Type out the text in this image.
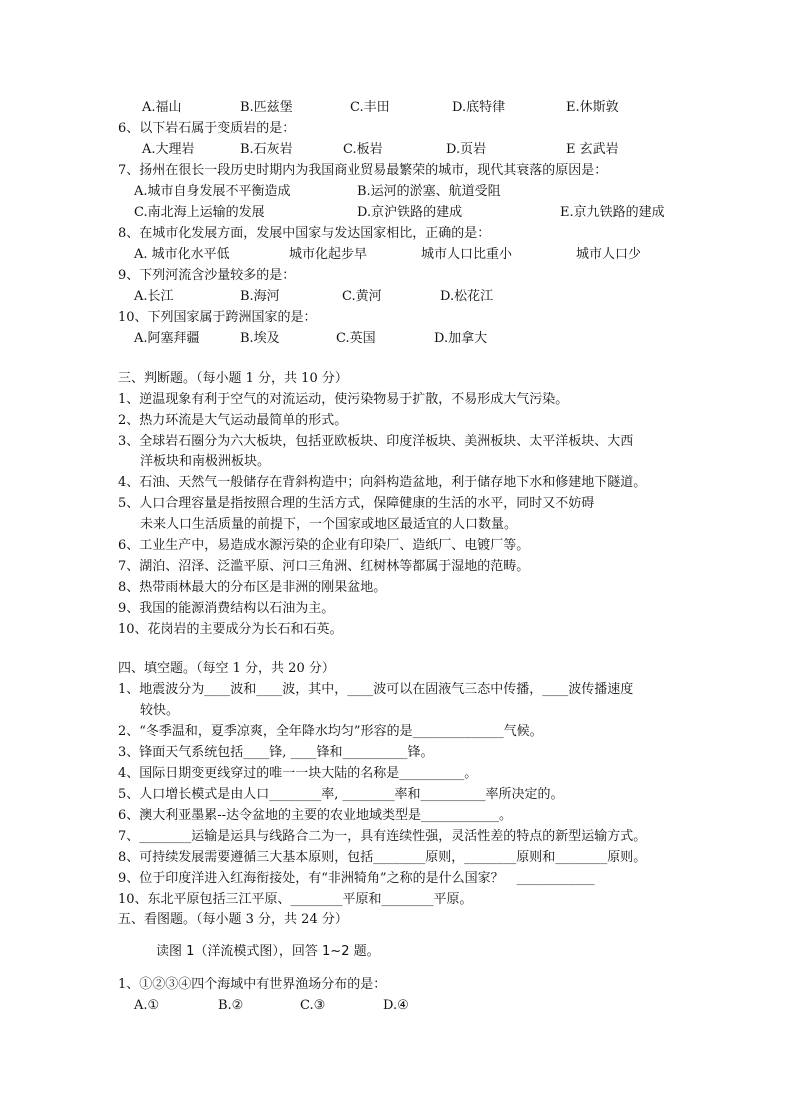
A.福山	B.匹兹堡	C.丰田	D.底特律	E.休斯敦
6、以下岩石属于变质岩的是：
A.大理岩	B.石灰岩	C.板岩	D.页岩	E 玄武岩
7、扬州在很长一段历史时期内为我国商业贸易最繁荣的城市，现代其衰落的原因是：
A.城市自身发展不平衡造成	B.运河的淤塞、航道受阻
C.南北海上运输的发展	D.京沪铁路的建成	E.京九铁路的建成
8、在城市化发展方面，发展中国家与发达国家相比，正确的是：
A. 城市化水平低	城市化起步早	城市人口比重小	城市人口少
9、下列河流含沙量较多的是：
A.长江	B.海河	C.黄河	D.松花江
10、下列国家属于跨洲国家的是：
A.阿塞拜疆	B.埃及	C.英国	D.加拿大
三、判断题。（每小题 1 分，共 10 分）
1、逆温现象有利于空气的对流运动，使污染物易于扩散，不易形成大气污染。
2、热力环流是大气运动最简单的形式。
3、全球岩石圈分为六大板块，包括亚欧板块、印度洋板块、美洲板块、太平洋板块、大西
洋板块和南极洲板块。
4、石油、天然气一般储存在背斜构造中；向斜构造盆地，利于储存地下水和修建地下隧道。
5、人口合理容量是指按照合理的生活方式，保障健康的生活的水平，同时又不妨碍
未来人口生活质量的前提下，一个国家或地区最适宜的人口数量。
6、工业生产中，易造成水源污染的企业有印染厂、造纸厂、电镀厂等。
7、湖泊、沼泽、泛滥平原、河口三角洲、红树林等都属于湿地的范畴。
8、热带雨林最大的分布区是非洲的刚果盆地。
9、我国的能源消费结构以石油为主。
10、花岗岩的主要成分为长石和石英。
四、填空题。（每空 1 分，共 20 分）
1、地震波分为____波和____波，其中，____波可以在固液气三态中传播，____波传播速度
较快。
2、“冬季温和，夏季凉爽，全年降水均匀”形容的是______________气候。
3、锋面天气系统包括____锋, ____锋和__________锋。
4、国际日期变更线穿过的唯一一块大陆的名称是__________。
5、人口增长模式是由人口________率, ________率和__________率所决定的。
6、澳大利亚墨累--达令盆地的主要的农业地域类型是____________。
7、________运输是运具与线路合二为一，具有连续性强，灵活性差的特点的新型运输方式。
8、可持续发展需要遵循三大基本原则，包括________原则，________原则和________原则。
9、位于印度洋进入红海衔接处，有“非洲犄角”之称的是什么国家？　____________
10、东北平原包括三江平原、________平原和________平原。
五、看图题。（每小题 3 分，共 24 分）
读图 1（洋流模式图），回答 1~2 题。
1、①②③④四个海域中有世界渔场分布的是：
A.①	B.②	C.③	D.④
